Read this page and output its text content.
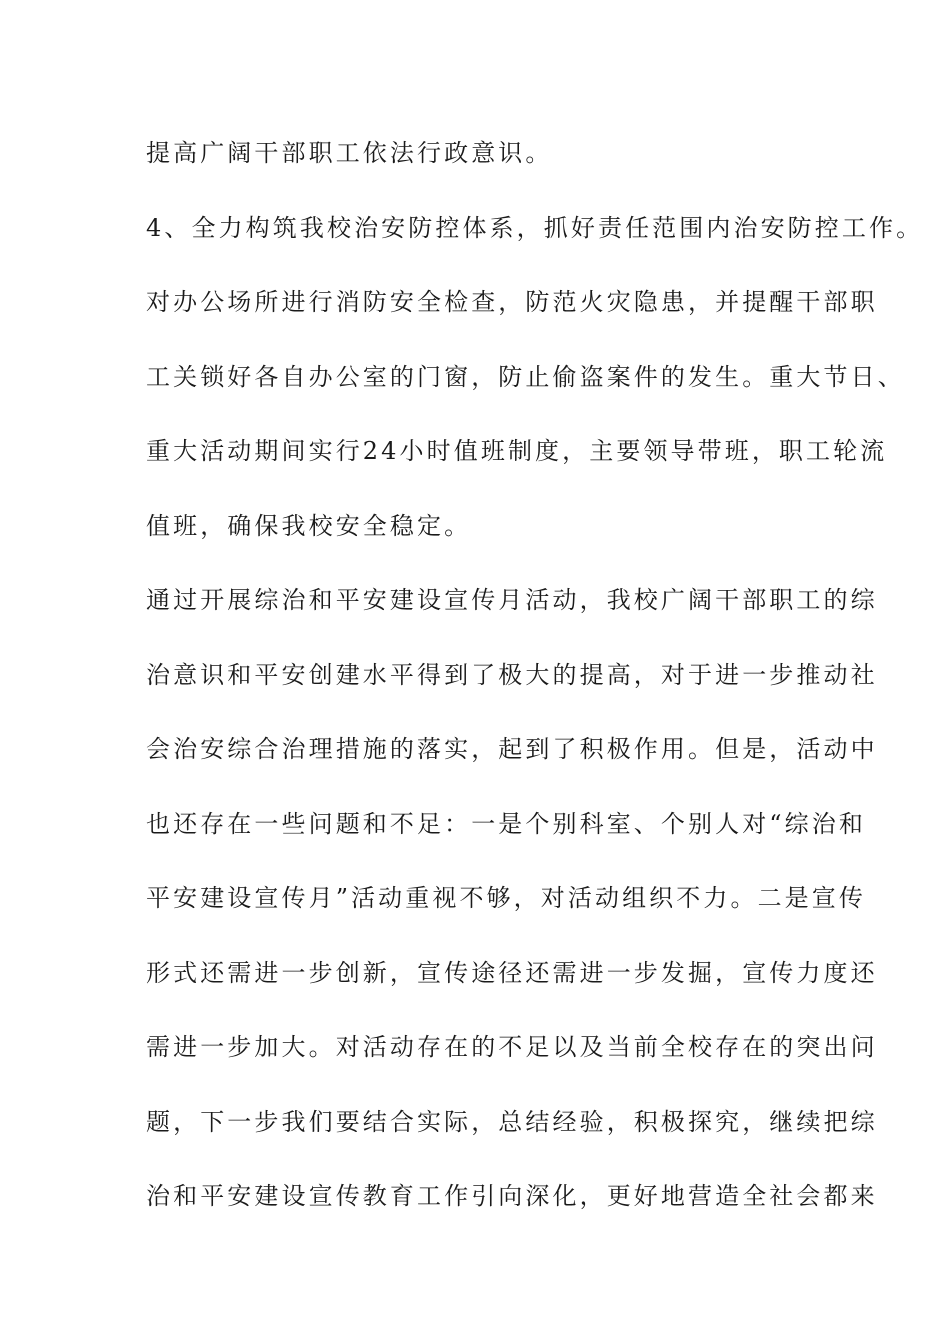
提高广阔干部职工依法行政意识。
4、全力构筑我校治安防控体系，抓好责任范围内治安防控工作。
对办公场所进行消防安全检查，防范火灾隐患，并提醒干部职
工关锁好各自办公室的门窗，防止偷盗案件的发生。重大节日、
重大活动期间实行24小时值班制度，主要领导带班，职工轮流
值班，确保我校安全稳定。
通过开展综治和平安建设宣传月活动，我校广阔干部职工的综
治意识和平安创建水平得到了极大的提高，对于进一步推动社
会治安综合治理措施的落实，起到了积极作用。但是，活动中
也还存在一些问题和不足：一是个别科室、个别人对“综治和
平安建设宣传月”活动重视不够，对活动组织不力。二是宣传
形式还需进一步创新，宣传途径还需进一步发掘，宣传力度还
需进一步加大。对活动存在的不足以及当前全校存在的突出问
题，下一步我们要结合实际，总结经验，积极探究，继续把综
治和平安建设宣传教育工作引向深化，更好地营造全社会都来
